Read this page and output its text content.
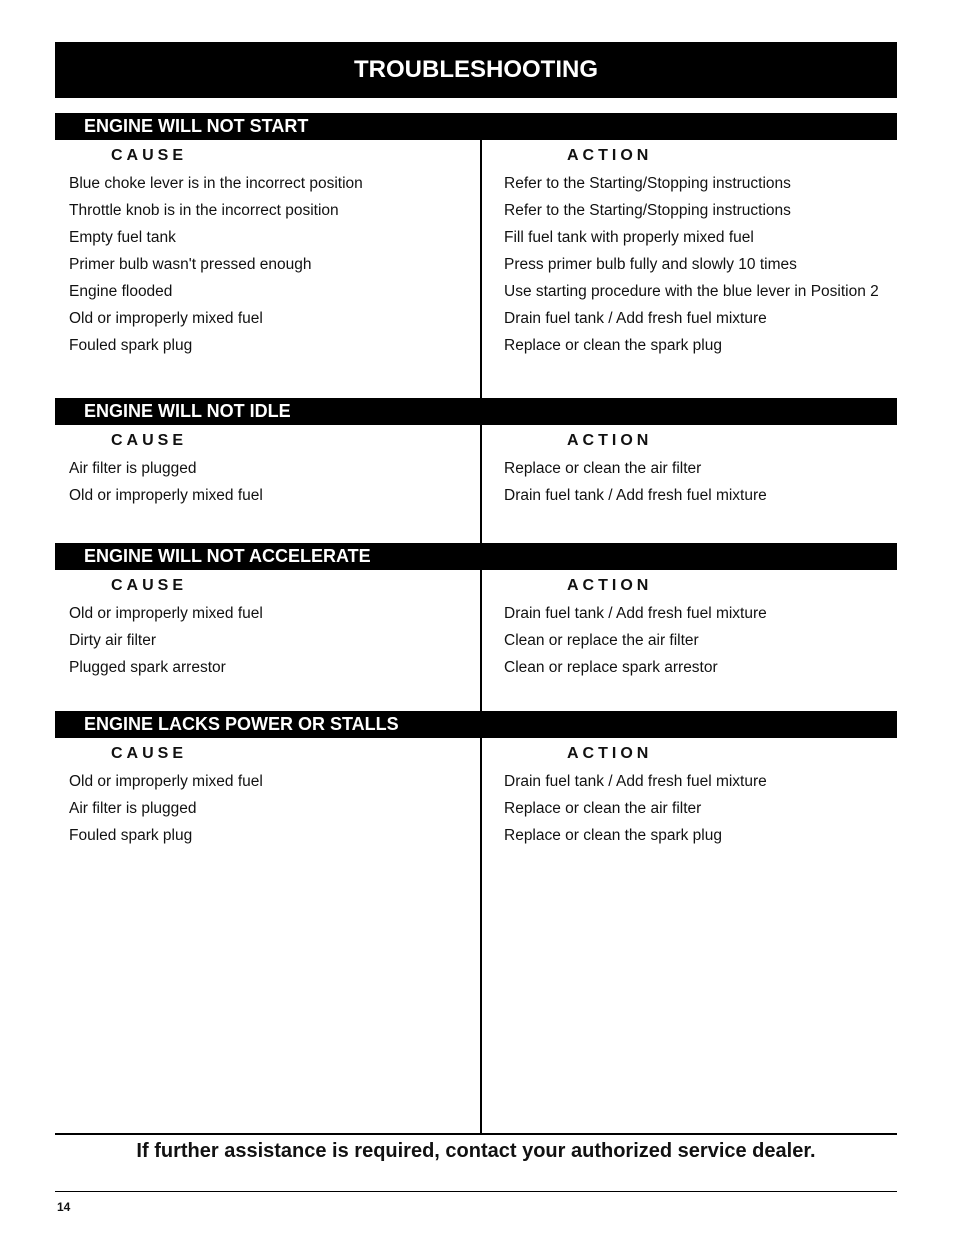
TROUBLESHOOTING
ENGINE WILL NOT START
CAUSE
Blue choke lever is in the incorrect position
Throttle knob is in the incorrect position
Empty fuel tank
Primer bulb wasn't pressed enough
Engine flooded
Old or improperly mixed fuel
Fouled spark plug
ACTION
Refer to the Starting/Stopping instructions
Refer to the Starting/Stopping instructions
Fill fuel tank with properly mixed fuel
Press primer bulb fully and slowly 10 times
Use starting procedure with the blue lever in Position 2
Drain fuel tank / Add fresh fuel mixture
Replace or clean the spark plug
ENGINE WILL NOT IDLE
CAUSE
Air filter is plugged
Old or improperly mixed fuel
ACTION
Replace or clean the air filter
Drain fuel tank / Add fresh fuel mixture
ENGINE WILL NOT ACCELERATE
CAUSE
Old or improperly mixed fuel
Dirty air filter
Plugged spark arrestor
ACTION
Drain fuel tank / Add fresh fuel mixture
Clean or replace the air filter
Clean or replace spark arrestor
ENGINE LACKS POWER OR STALLS
CAUSE
Old or improperly mixed fuel
Air filter is plugged
Fouled spark plug
ACTION
Drain fuel tank / Add fresh fuel mixture
Replace or clean the air filter
Replace or clean the spark plug
If further assistance is required, contact your authorized service dealer.
14
